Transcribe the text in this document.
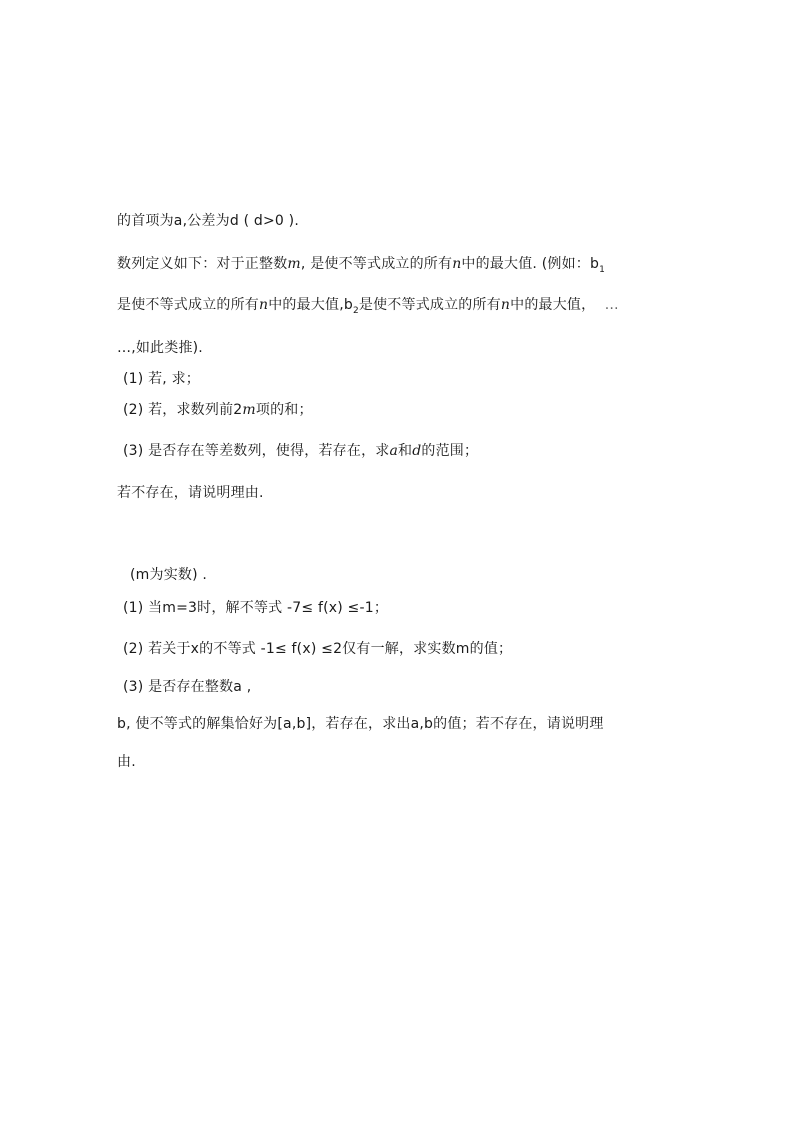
的首项为a,公差为d ( d>0 ).
数列定义如下：对于正整数m, 是使不等式成立的所有n中的最大值. (例如：$b_1$
是使不等式成立的所有n中的最大值$,b_2$是使不等式成立的所有n中的最大值， …
…,如此类推).
(1) 若, 求；
(2) 若，求数列前2m项的和；
(3) 是否存在等差数列，使得，若存在，求a和d的范围；
若不存在，请说明理由.
(m为实数) .
(1) 当m=3时，解不等式 -7≤ f(x) ≤-1；
(2) 若关于x的不等式 -1≤ f(x) ≤2仅有一解，求实数m的值；
(3) 是否存在整数a ,
b, 使不等式的解集恰好为[a,b]，若存在，求出a,b的值；若不存在，请说明理
由.
